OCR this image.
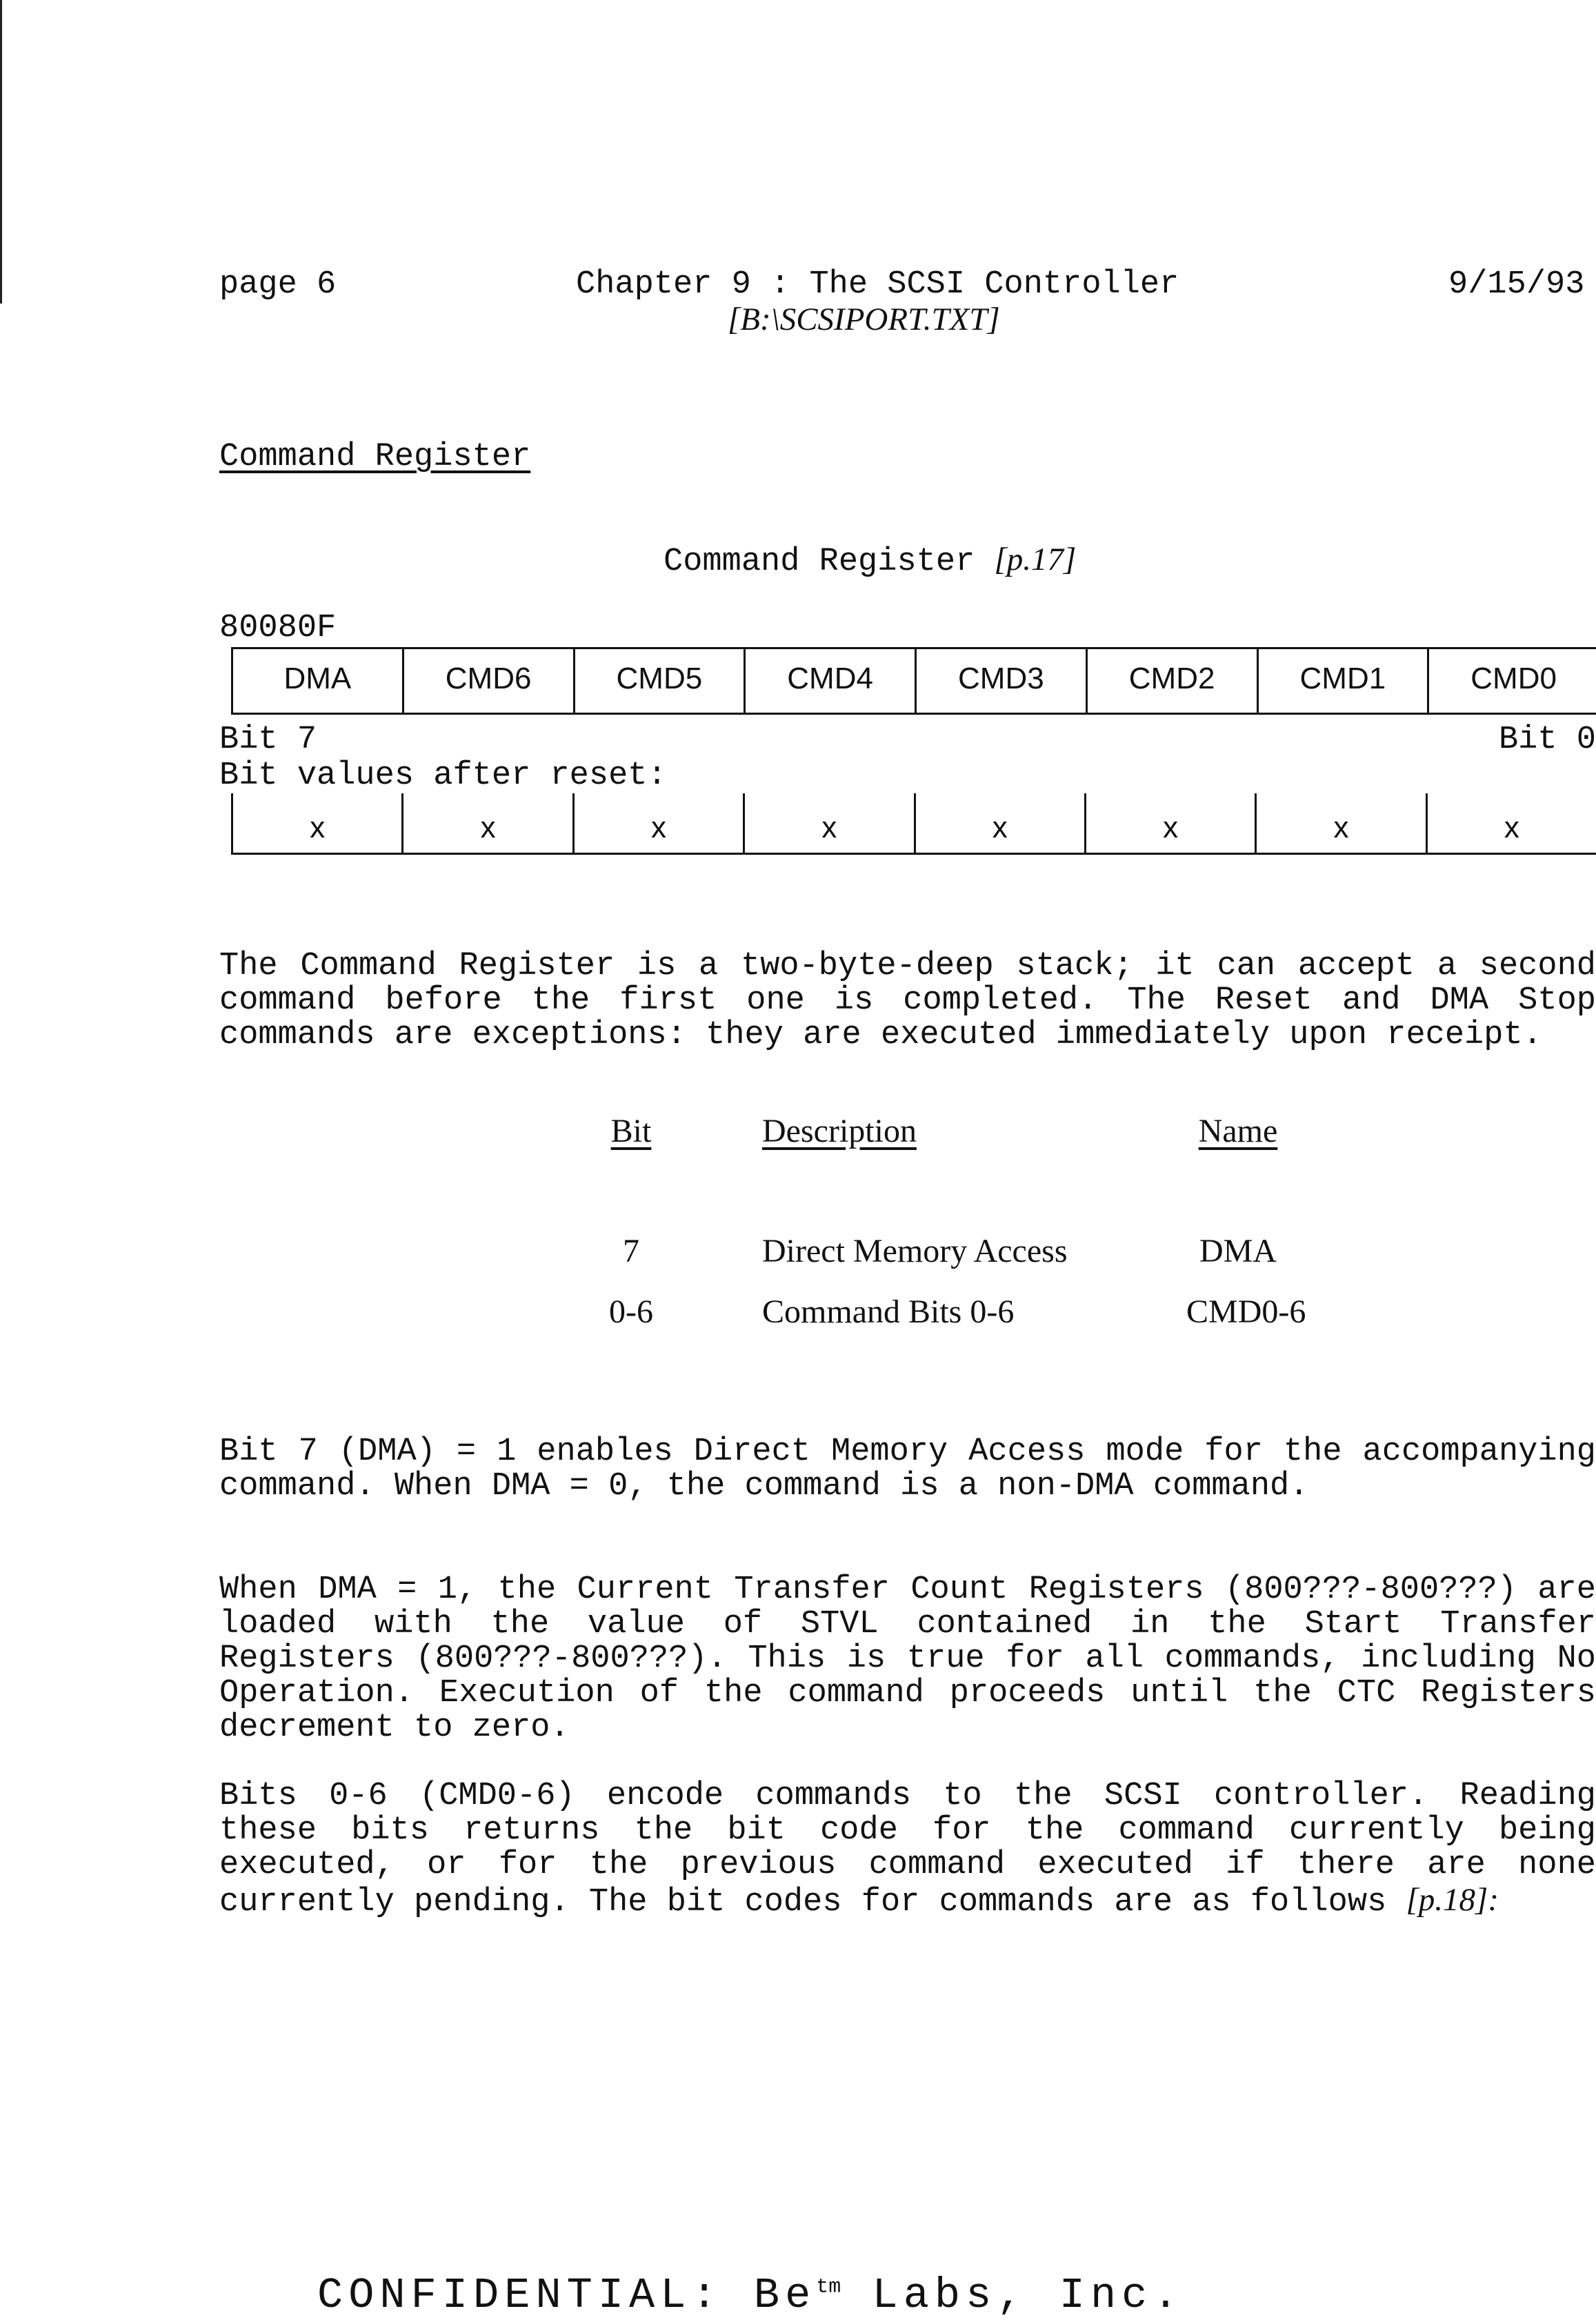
page 6	Chapter 9 : The SCSI Controller
[B:\SCSIPORT.TXT]
9/15/93
Command Register
Command Register [p.17]
80080F
DMA	CMD6	CMD5	CMD4	CMD3	CMD2	CMD1	CMD0
Bit 7	Bit 0
Bit values after reset:
x	x	x	x	x	x	x	x

The Command Register is a two-byte-deep stack; it can accept a second command before the first one is completed. The Reset and DMA Stop commands are exceptions: they are executed immediately upon receipt.

Bit	Description	Name
7	Direct Memory Access	DMA
0-6	Command Bits 0-6	CMD0-6

Bit 7 (DMA) = 1 enables Direct Memory Access mode for the accompanying command. When DMA = 0, the command is a non-DMA command.

When DMA = 1, the Current Transfer Count Registers (800???-800???) are loaded with the value of STVL contained in the Start Transfer Registers (800???-800???). This is true for all commands, including No Operation. Execution of the command proceeds until the CTC Registers decrement to zero.

Bits 0-6 (CMD0-6) encode commands to the SCSI controller. Reading these bits returns the bit code for the command currently being executed, or for the previous command executed if there are none currently pending. The bit codes for commands are as follows [p.18]:

CONFIDENTIAL: $Be^{tm}$ Labs, Inc.
